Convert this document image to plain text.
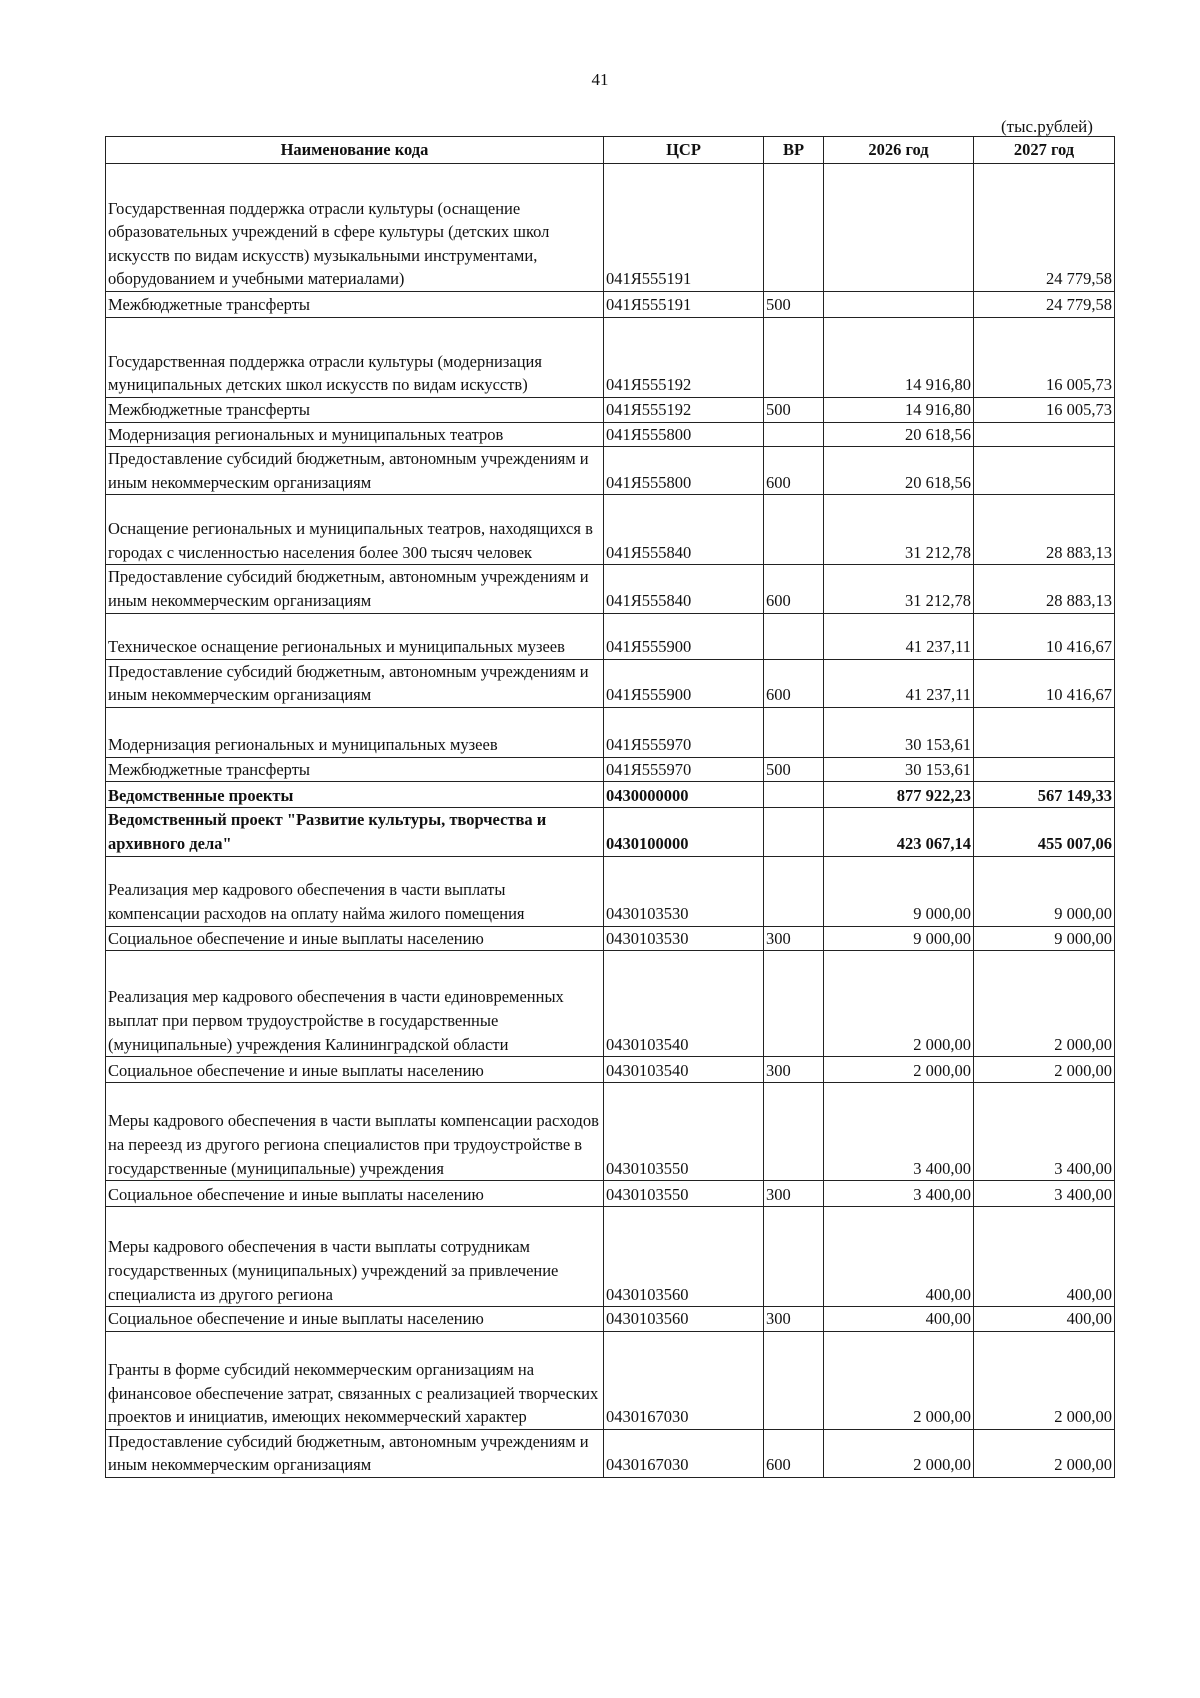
41
(тыс.рублей)
Наименование кода	ЦСР	ВР	2026 год	2027 год
Государственная поддержка отрасли культуры (оснащение образовательных учреждений в сфере культуры (детских школ искусств по видам искусств) музыкальными инструментами, оборудованием и учебными материалами)	041Я555191			24 779,58
Межбюджетные трансферты	041Я555191	500		24 779,58
Государственная поддержка отрасли культуры (модернизация муниципальных детских школ искусств по видам искусств)	041Я555192		14 916,80	16 005,73
Межбюджетные трансферты	041Я555192	500	14 916,80	16 005,73
Модернизация региональных и муниципальных театров	041Я555800		20 618,56	
Предоставление субсидий бюджетным, автономным учреждениям и иным некоммерческим организациям	041Я555800	600	20 618,56	
Оснащение региональных и муниципальных театров, находящихся в городах с численностью населения более 300 тысяч человек	041Я555840		31 212,78	28 883,13
Предоставление субсидий бюджетным, автономным учреждениям и иным некоммерческим организациям	041Я555840	600	31 212,78	28 883,13
Техническое оснащение региональных и муниципальных музеев	041Я555900		41 237,11	10 416,67
Предоставление субсидий бюджетным, автономным учреждениям и иным некоммерческим организациям	041Я555900	600	41 237,11	10 416,67
Модернизация региональных и муниципальных музеев	041Я555970		30 153,61	
Межбюджетные трансферты	041Я555970	500	30 153,61	
Ведомственные проекты	0430000000		877 922,23	567 149,33
Ведомственный проект "Развитие культуры, творчества и архивного дела"	0430100000		423 067,14	455 007,06
Реализация мер кадрового обеспечения в части выплаты компенсации расходов на оплату найма жилого помещения	0430103530		9 000,00	9 000,00
Социальное обеспечение и иные выплаты населению	0430103530	300	9 000,00	9 000,00
Реализация мер кадрового обеспечения в части единовременных выплат при первом трудоустройстве в государственные (муниципальные) учреждения Калининградской области	0430103540		2 000,00	2 000,00
Социальное обеспечение и иные выплаты населению	0430103540	300	2 000,00	2 000,00
Меры кадрового обеспечения в части выплаты компенсации расходов на переезд из другого региона специалистов при трудоустройстве в государственные (муниципальные) учреждения	0430103550		3 400,00	3 400,00
Социальное обеспечение и иные выплаты населению	0430103550	300	3 400,00	3 400,00
Меры кадрового обеспечения в части выплаты сотрудникам государственных (муниципальных) учреждений за привлечение специалиста из другого региона	0430103560		400,00	400,00
Социальное обеспечение и иные выплаты населению	0430103560	300	400,00	400,00
Гранты в форме субсидий некоммерческим организациям на финансовое обеспечение затрат, связанных с реализацией творческих проектов и инициатив, имеющих некоммерческий характер	0430167030		2 000,00	2 000,00
Предоставление субсидий бюджетным, автономным учреждениям и иным некоммерческим организациям	0430167030	600	2 000,00	2 000,00
